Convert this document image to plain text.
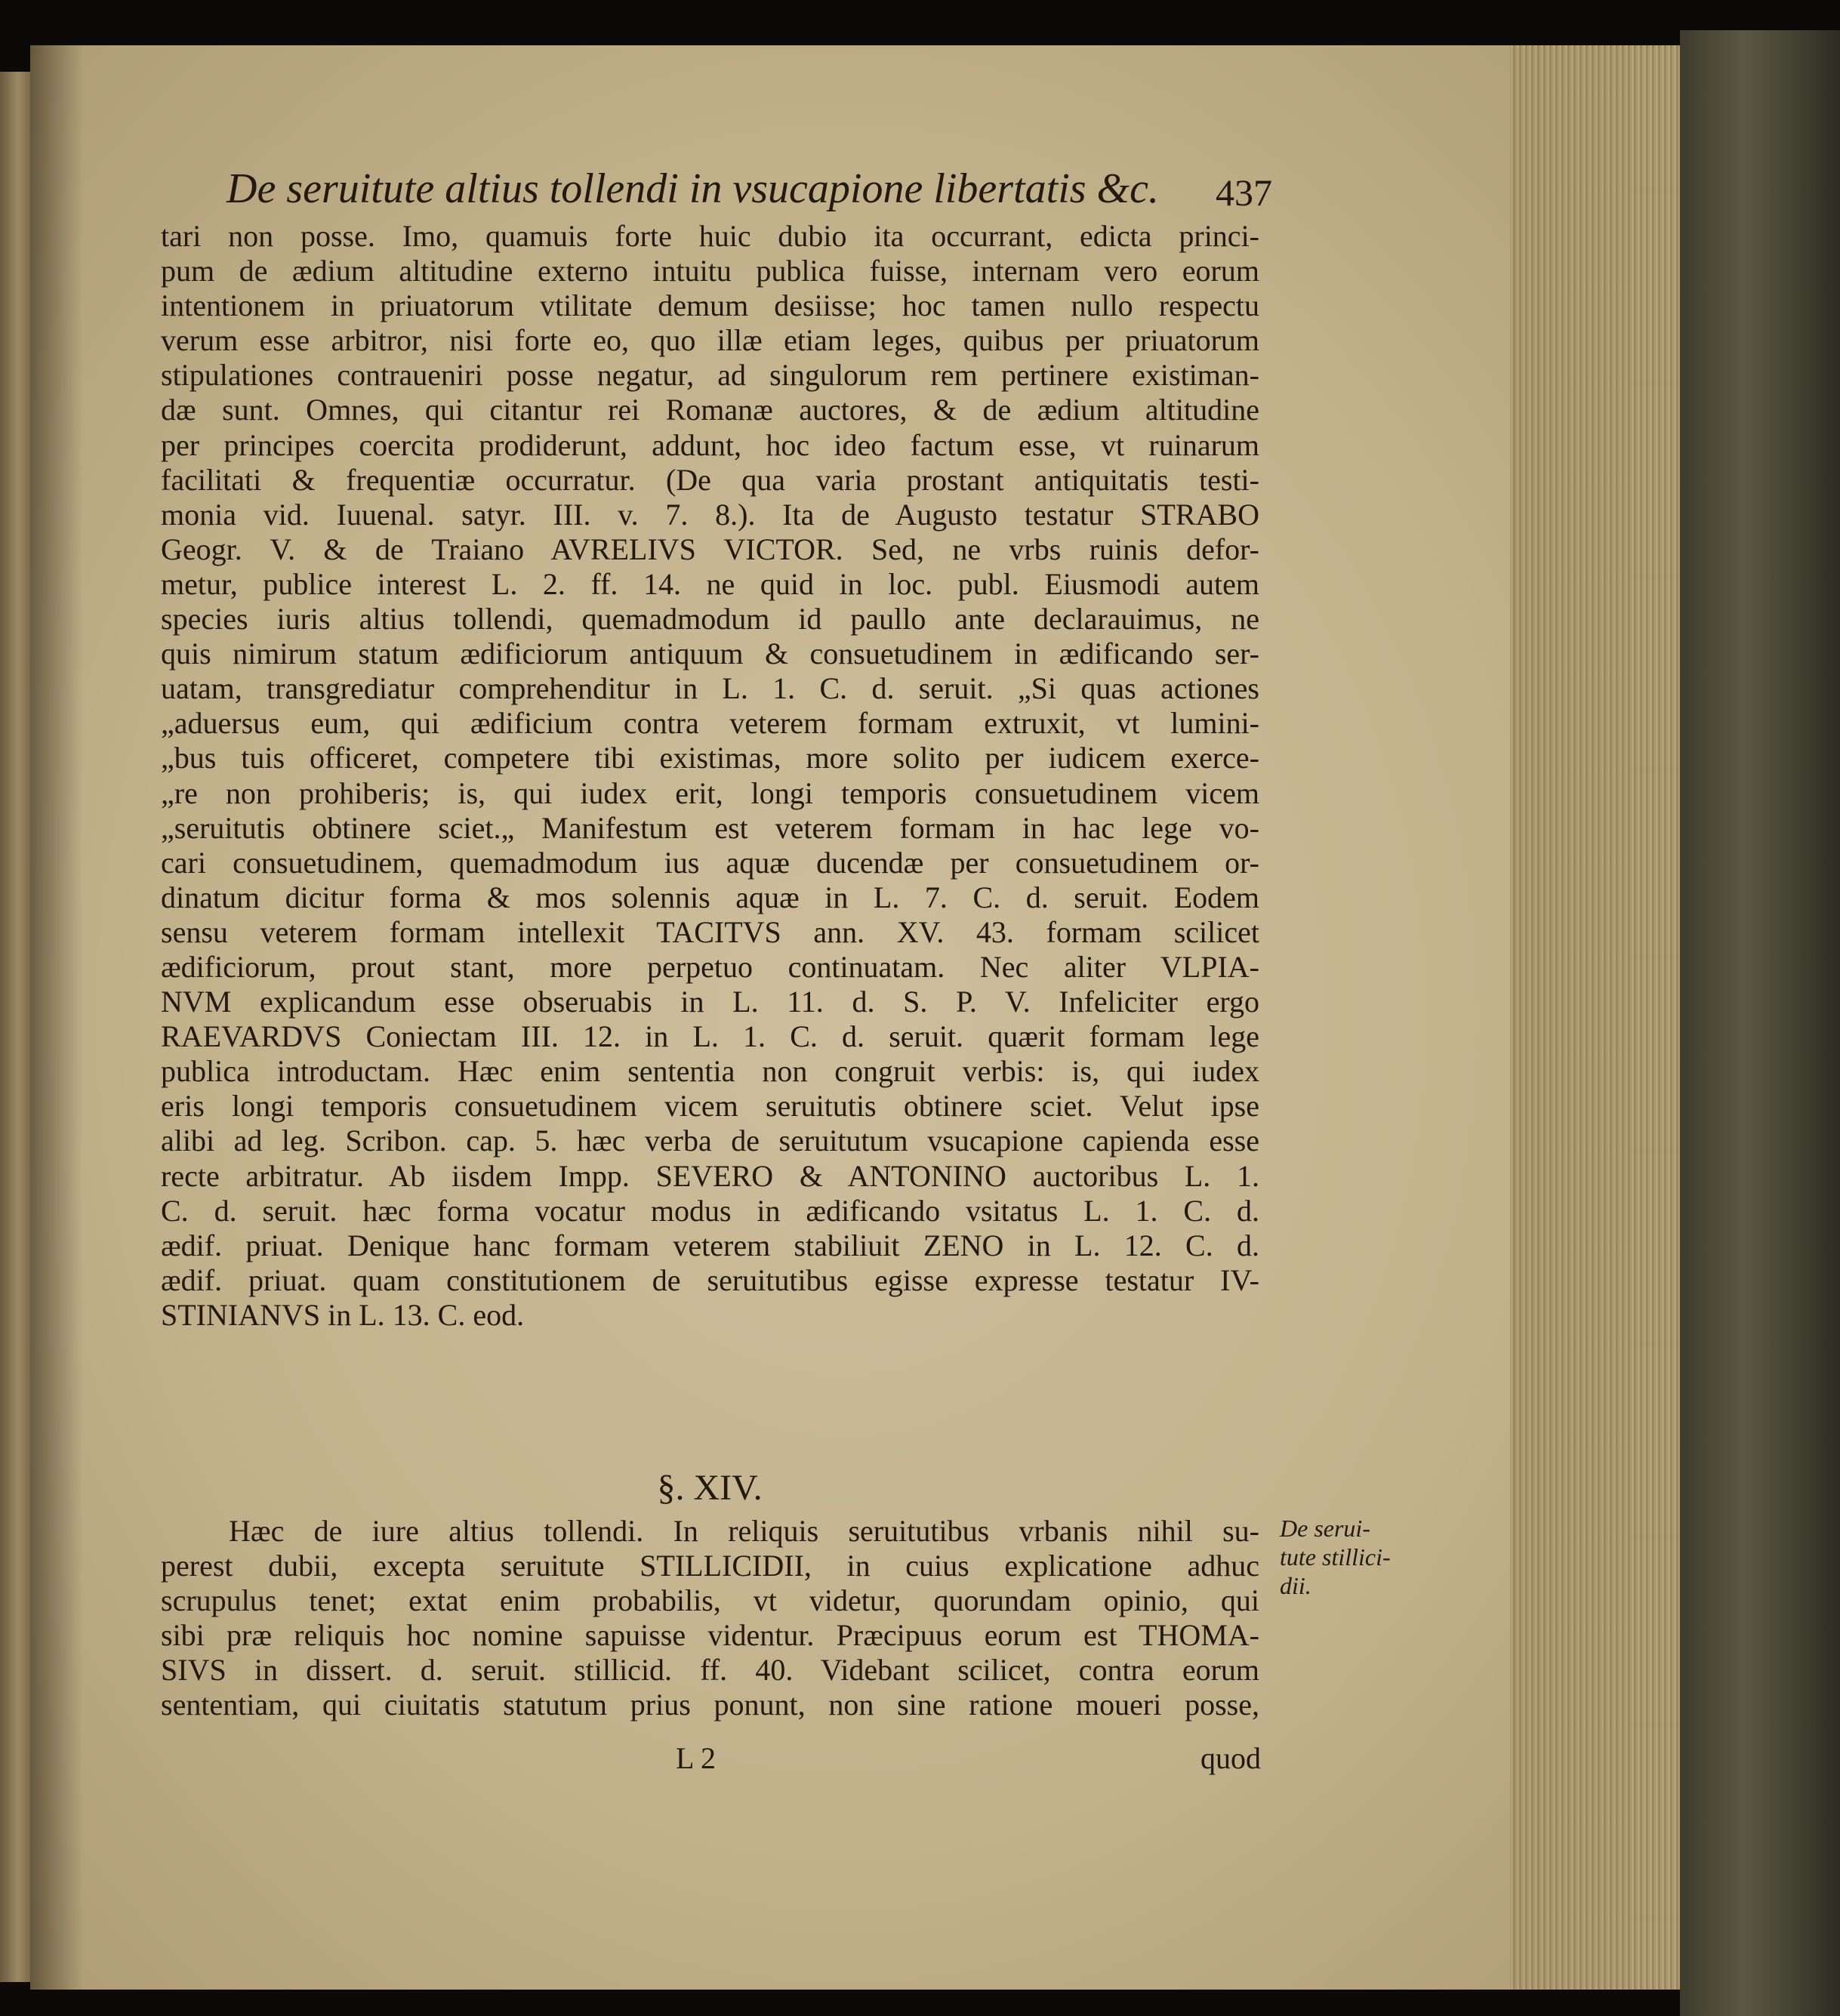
De seruitute altius tollendi in vsucapione libertatis &c.	437
tari non posse. Imo, quamuis forte huic dubio ita occurrant, edicta princi-
pum de ædium altitudine externo intuitu publica fuisse, internam vero eorum
intentionem in priuatorum vtilitate demum desiisse; hoc tamen nullo respectu
verum esse arbitror, nisi forte eo, quo illæ etiam leges, quibus per priuatorum
stipulationes contraueniri posse negatur, ad singulorum rem pertinere existiman-
dæ sunt. Omnes, qui citantur rei Romanæ auctores, & de ædium altitudine
per principes coercita prodiderunt, addunt, hoc ideo factum esse, vt ruinarum
facilitati & frequentiæ occurratur. (De qua varia prostant antiquitatis testi-
monia vid. Iuuenal. satyr. III. v. 7. 8.). Ita de Augusto testatur STRABO
Geogr. V. & de Traiano AVRELIVS VICTOR. Sed, ne vrbs ruinis defor-
metur, publice interest L. 2. ff. 14. ne quid in loc. publ. Eiusmodi autem
species iuris altius tollendi, quemadmodum id paullo ante declarauimus, ne
quis nimirum statum ædificiorum antiquum & consuetudinem in ædificando ser-
uatam, transgrediatur comprehenditur in L. 1. C. d. seruit. „Si quas actiones
„aduersus eum, qui ædificium contra veterem formam extruxit, vt lumini-
„bus tuis officeret, competere tibi existimas, more solito per iudicem exerce-
„re non prohiberis; is, qui iudex erit, longi temporis consuetudinem vicem
„seruitutis obtinere sciet.„ Manifestum est veterem formam in hac lege vo-
cari consuetudinem, quemadmodum ius aquæ ducendæ per consuetudinem or-
dinatum dicitur forma & mos solennis aquæ in L. 7. C. d. seruit. Eodem
sensu veterem formam intellexit TACITVS ann. XV. 43. formam scilicet
ædificiorum, prout stant, more perpetuo continuatam. Nec aliter VLPIA-
NVM explicandum esse obseruabis in L. 11. d. S. P. V. Infeliciter ergo
RAEVARDVS Coniectam III. 12. in L. 1. C. d. seruit. quærit formam lege
publica introductam. Hæc enim sententia non congruit verbis: is, qui iudex
eris longi temporis consuetudinem vicem seruitutis obtinere sciet. Velut ipse
alibi ad leg. Scribon. cap. 5. hæc verba de seruitutum vsucapione capienda esse
recte arbitratur. Ab iisdem Impp. SEVERO & ANTONINO auctoribus L. 1.
C. d. seruit. hæc forma vocatur modus in ædificando vsitatus L. 1. C. d.
ædif. priuat. Denique hanc formam veterem stabiliuit ZENO in L. 12. C. d.
ædif. priuat. quam constitutionem de seruitutibus egisse expresse testatur IV-
STINIANVS in L. 13. C. eod.
§. XIV.
Hæc de iure altius tollendi. In reliquis seruitutibus vrbanis nihil su-
perest dubii, excepta seruitute STILLICIDII, in cuius explicatione adhuc
scrupulus tenet; extat enim probabilis, vt videtur, quorundam opinio, qui
sibi præ reliquis hoc nomine sapuisse videntur. Præcipuus eorum est THOMA-
SIVS in dissert. d. seruit. stillicid. ff. 40. Videbant scilicet, contra eorum
sententiam, qui ciuitatis statutum prius ponunt, non sine ratione moueri posse,
De serui-
tute stillici-
dii.
L 2	quod
